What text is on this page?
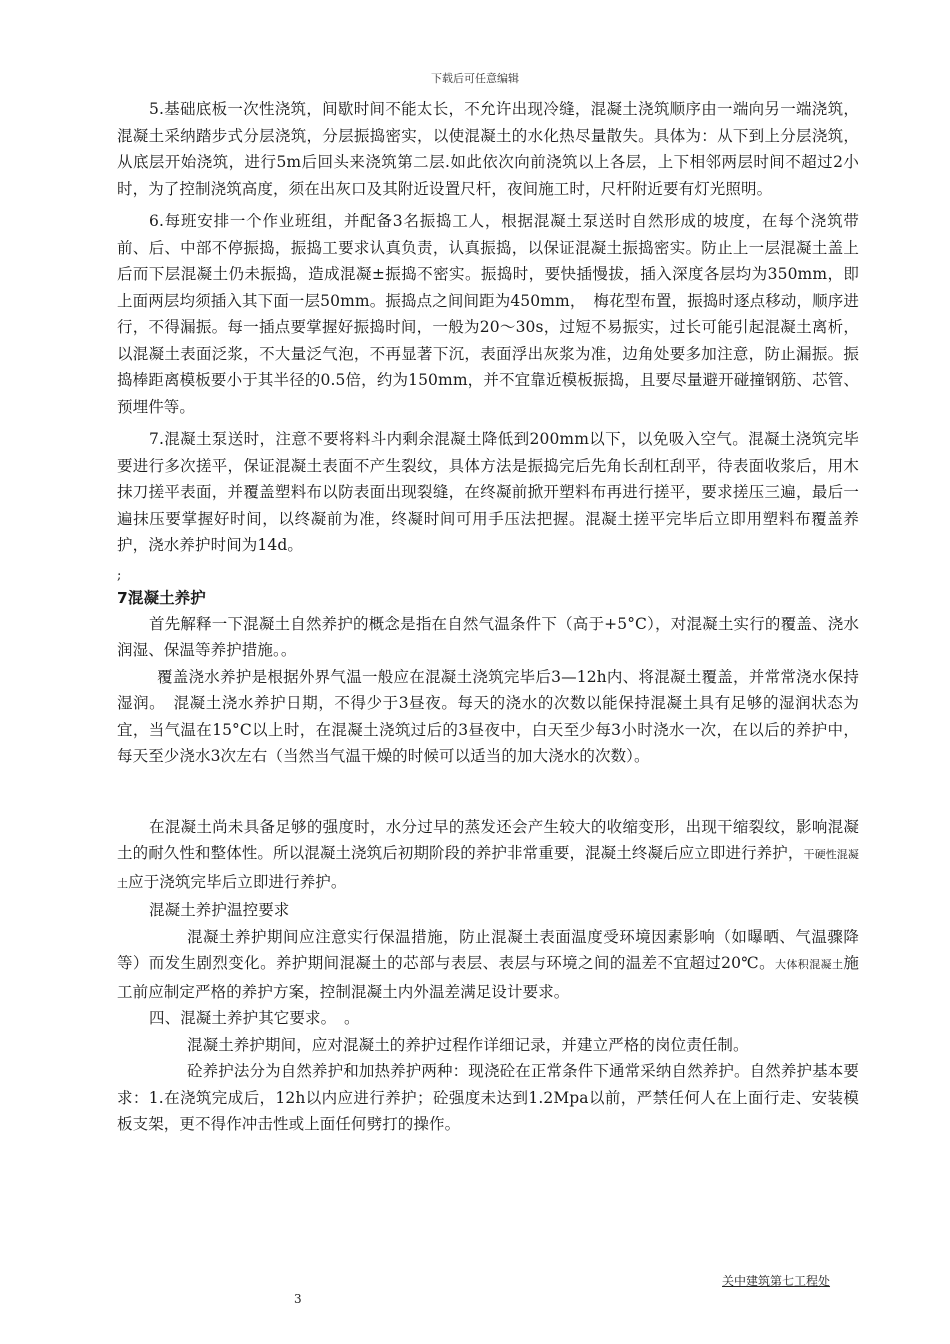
下载后可任意编辑

5.基础底板一次性浇筑，间歇时间不能太长，不允许出现冷缝，混凝土浇筑顺序由一端向另一端浇筑，混凝土采纳踏步式分层浇筑，分层振捣密实，以使混凝土的水化热尽量散失。具体为：从下到上分层浇筑，从底层开始浇筑，进行5m后回头来浇筑第二层.如此依次向前浇筑以上各层，上下相邻两层时间不超过2小时，为了控制浇筑高度，须在出灰口及其附近设置尺杆，夜间施工时，尺杆附近要有灯光照明。

6.每班安排一个作业班组，并配备3名振捣工人，根据混凝土泵送时自然形成的坡度，在每个浇筑带前、后、中部不停振捣，振捣工要求认真负责，认真振捣，以保证混凝土振捣密实。防止上一层混凝土盖上后而下层混凝土仍未振捣，造成混凝±振捣不密实。振捣时，要快插慢拔，插入深度各层均为350mm，即上面两层均须插入其下面一层50mm。振捣点之间间距为450mm，　梅花型布置，振捣时逐点移动，顺序进行，不得漏振。每一插点要掌握好振捣时间，一般为20～30s，过短不易振实，过长可能引起混凝土离析，以混凝土表面泛浆，不大量泛气泡，不再显著下沉，表面浮出灰浆为准，边角处要多加注意，防止漏振。振捣棒距离模板要小于其半径的0.5倍，约为150mm，并不宜靠近模板振捣，且要尽量避开碰撞钢筋、芯管、预埋件等。

7.混凝土泵送时，注意不要将料斗内剩余混凝土降低到200mm以下，以免吸入空气。混凝土浇筑完毕要进行多次搓平，保证混凝土表面不产生裂纹，具体方法是振捣完后先角长刮杠刮平，待表面收浆后，用木抹刀搓平表面，并覆盖塑料布以防表面出现裂缝，在终凝前掀开塑料布再进行搓平，要求搓压三遍，最后一遍抹压要掌握好时间，以终凝前为准，终凝时间可用手压法把握。混凝土搓平完毕后立即用塑料布覆盖养护，浇水养护时间为14d。

;

7混凝土养护

首先解释一下混凝土自然养护的概念是指在自然气温条件下（高于+5°C），对混凝土实行的覆盖、浇水润湿、保温等养护措施。。

覆盖浇水养护是根据外界气温一般应在混凝土浇筑完毕后3—12h内、将混凝土覆盖，并常常浇水保持湿润。　混凝土浇水养护日期，不得少于3昼夜。每天的浇水的次数以能保持混凝土具有足够的湿润状态为宜，当气温在15°C以上时，在混凝土浇筑过后的3昼夜中，白天至少每3小时浇水一次，在以后的养护中，每天至少浇水3次左右（当然当气温干燥的时候可以适当的加大浇水的次数）。

在混凝土尚未具备足够的强度时，水分过早的蒸发还会产生较大的收缩变形，出现干缩裂纹，影响混凝土的耐久性和整体性。所以混凝土浇筑后初期阶段的养护非常重要，混凝土终凝后应立即进行养护，干硬性混凝土应于浇筑完毕后立即进行养护。

混凝土养护温控要求

混凝土养护期间应注意实行保温措施，防止混凝土表面温度受环境因素影响（如曝晒、气温骤降等）而发生剧烈变化。养护期间混凝土的芯部与表层、表层与环境之间的温差不宜超过20℃。大体积混凝土施工前应制定严格的养护方案，控制混凝土内外温差满足设计要求。

四、混凝土养护其它要求。　。

混凝土养护期间，应对混凝土的养护过程作详细记录，并建立严格的岗位责任制。

砼养护法分为自然养护和加热养护两种：现浇砼在正常条件下通常采纳自然养护。自然养护基本要求：1.在浇筑完成后，12h以内应进行养护；砼强度未达到1.2Mpa以前，严禁任何人在上面行走、安装模板支架，更不得作冲击性或上面任何劈打的操作。

关中建筑第七工程处
3
